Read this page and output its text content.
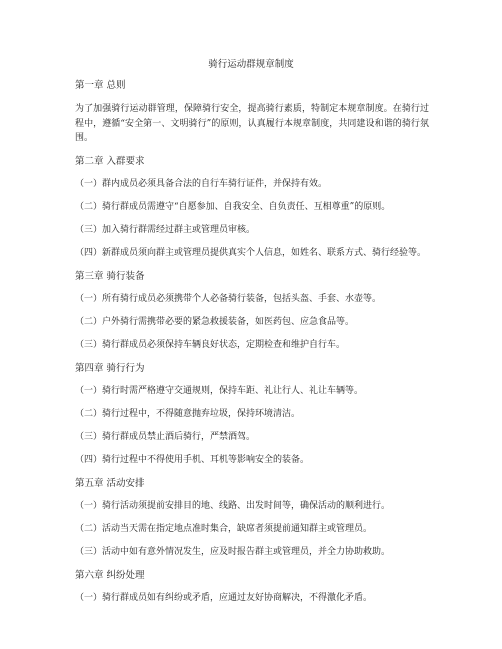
骑行运动群规章制度
第一章 总则
为了加强骑行运动群管理，保障骑行安全，提高骑行素质，特制定本规章制度。在骑行过程中，遵循“安全第一、文明骑行”的原则，认真履行本规章制度，共同建设和谐的骑行氛围。
第二章 入群要求
（一）群内成员必须具备合法的自行车骑行证件，并保持有效。
（二）骑行群成员需遵守“自愿参加、自我安全、自负责任、互相尊重”的原则。
（三）加入骑行群需经过群主或管理员审核。
（四）新群成员须向群主或管理员提供真实个人信息，如姓名、联系方式、骑行经验等。
第三章 骑行装备
（一）所有骑行成员必须携带个人必备骑行装备，包括头盔、手套、水壶等。
（二）户外骑行需携带必要的紧急救援装备，如医药包、应急食品等。
（三）骑行群成员必须保持车辆良好状态，定期检查和维护自行车。
第四章 骑行行为
（一）骑行时需严格遵守交通规则，保持车距、礼让行人、礼让车辆等。
（二）骑行过程中，不得随意抛弃垃圾，保持环境清洁。
（三）骑行群成员禁止酒后骑行，严禁酒驾。
（四）骑行过程中不得使用手机、耳机等影响安全的装备。
第五章 活动安排
（一）骑行活动须提前安排目的地、线路、出发时间等，确保活动的顺利进行。
（二）活动当天需在指定地点准时集合，缺席者须提前通知群主或管理员。
（三）活动中如有意外情况发生，应及时报告群主或管理员，并全力协助救助。
第六章 纠纷处理
（一）骑行群成员如有纠纷或矛盾，应通过友好协商解决，不得激化矛盾。
